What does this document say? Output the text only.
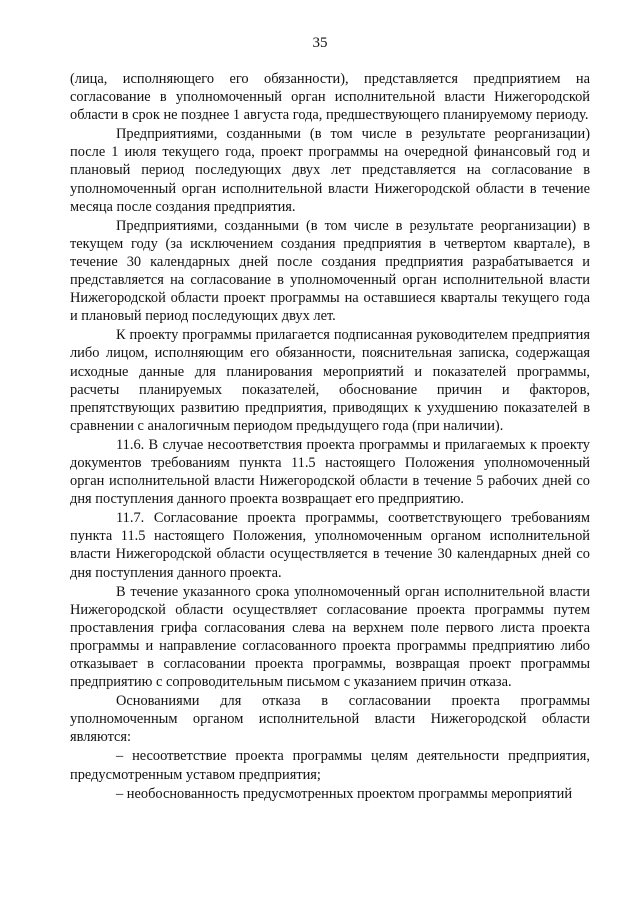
35

(лица, исполняющего его обязанности), представляется предприятием на согласование в уполномоченный орган исполнительной власти Нижегородской области в срок не позднее 1 августа года, предшествующего планируемому периоду.

Предприятиями, созданными (в том числе в результате реорганизации) после 1 июля текущего года, проект программы на очередной финансовый год и плановый период последующих двух лет представляется на согласование в уполномоченный орган исполнительной власти Нижегородской области в течение месяца после создания предприятия.

Предприятиями, созданными (в том числе в результате реорганизации) в текущем году (за исключением создания предприятия в четвертом квартале), в течение 30 календарных дней после создания предприятия разрабатывается и представляется на согласование в уполномоченный орган исполнительной власти Нижегородской области проект программы на оставшиеся кварталы текущего года и плановый период последующих двух лет.

К проекту программы прилагается подписанная руководителем предприятия либо лицом, исполняющим его обязанности, пояснительная записка, содержащая исходные данные для планирования мероприятий и показателей программы, расчеты планируемых показателей, обоснование причин и факторов, препятствующих развитию предприятия, приводящих к ухудшению показателей в сравнении с аналогичным периодом предыдущего года (при наличии).

11.6. В случае несоответствия проекта программы и прилагаемых к проекту документов требованиям пункта 11.5 настоящего Положения уполномоченный орган исполнительной власти Нижегородской области в течение 5 рабочих дней со дня поступления данного проекта возвращает его предприятию.

11.7. Согласование проекта программы, соответствующего требованиям пункта 11.5 настоящего Положения, уполномоченным органом исполнительной власти Нижегородской области осуществляется в течение 30 календарных дней со дня поступления данного проекта.

В течение указанного срока уполномоченный орган исполнительной власти Нижегородской области осуществляет согласование проекта программы путем проставления грифа согласования слева на верхнем поле первого листа проекта программы и направление согласованного проекта программы предприятию либо отказывает в согласовании проекта программы, возвращая проект программы предприятию с сопроводительным письмом с указанием причин отказа.

Основаниями для отказа в согласовании проекта программы уполномоченным органом исполнительной власти Нижегородской области являются:

– несоответствие проекта программы целям деятельности предприятия, предусмотренным уставом предприятия;

– необоснованность предусмотренных проектом программы мероприятий
